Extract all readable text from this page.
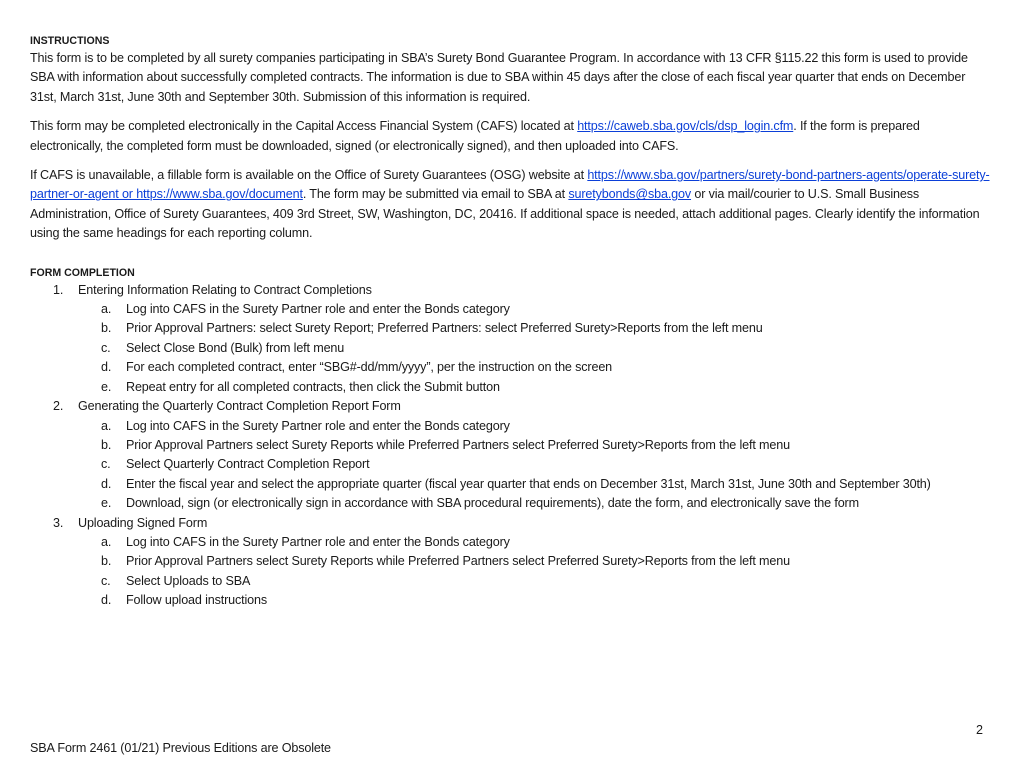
INSTRUCTIONS

This form is to be completed by all surety companies participating in SBA’s Surety Bond Guarantee Program. In accordance with 13 CFR §115.22 this form is used to provide SBA with information about successfully completed contracts. The information is due to SBA within 45 days after the close of each fiscal year quarter that ends on December 31st, March 31st, June 30th and September 30th. Submission of this information is required.

This form may be completed electronically in the Capital Access Financial System (CAFS) located at https://caweb.sba.gov/cls/dsp_login.cfm. If the form is prepared electronically, the completed form must be downloaded, signed (or electronically signed), and then uploaded into CAFS.

If CAFS is unavailable, a fillable form is available on the Office of Surety Guarantees (OSG) website at https://www.sba.gov/partners/surety-bond-partners-agents/operate-surety-partner-or-agent or https://www.sba.gov/document. The form may be submitted via email to SBA at suretybonds@sba.gov or via mail/courier to U.S. Small Business Administration, Office of Surety Guarantees, 409 3rd Street, SW, Washington, DC, 20416. If additional space is needed, attach additional pages. Clearly identify the information using the same headings for each reporting column.

FORM COMPLETION

1. Entering Information Relating to Contract Completions
a. Log into CAFS in the Surety Partner role and enter the Bonds category
b. Prior Approval Partners: select Surety Report; Preferred Partners: select Preferred Surety>Reports from the left menu
c. Select Close Bond (Bulk) from left menu
d. For each completed contract, enter “SBG#-dd/mm/yyyy”, per the instruction on the screen
e. Repeat entry for all completed contracts, then click the Submit button
2. Generating the Quarterly Contract Completion Report Form
a. Log into CAFS in the Surety Partner role and enter the Bonds category
b. Prior Approval Partners select Surety Reports while Preferred Partners select Preferred Surety>Reports from the left menu
c. Select Quarterly Contract Completion Report
d. Enter the fiscal year and select the appropriate quarter (fiscal year quarter that ends on December 31st, March 31st, June 30th and September 30th)
e. Download, sign (or electronically sign in accordance with SBA procedural requirements), date the form, and electronically save the form
3. Uploading Signed Form
a. Log into CAFS in the Surety Partner role and enter the Bonds category
b. Prior Approval Partners select Surety Reports while Preferred Partners select Preferred Surety>Reports from the left menu
c. Select Uploads to SBA
d. Follow upload instructions
2
SBA Form 2461 (01/21) Previous Editions are Obsolete
